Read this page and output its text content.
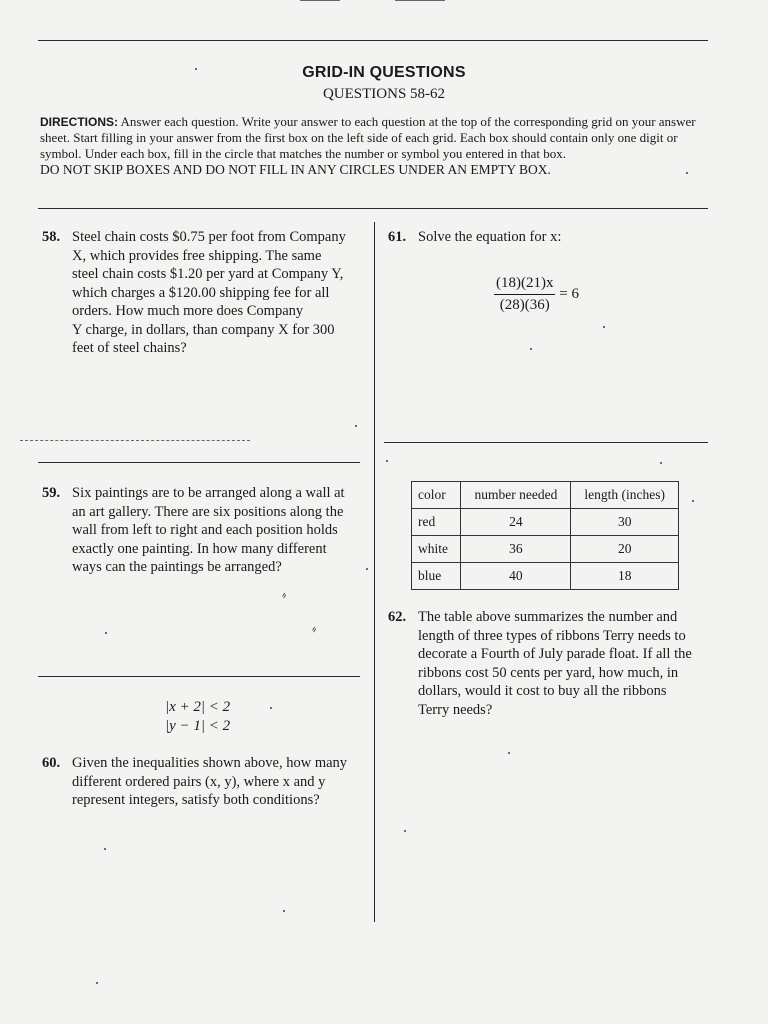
GRID-IN QUESTIONS
QUESTIONS 58-62
DIRECTIONS: Answer each question. Write your answer to each question at the top of the corresponding grid on your answer sheet. Start filling in your answer from the first box on the left side of each grid. Each box should contain only one digit or symbol. Under each box, fill in the circle that matches the number or symbol you entered in that box.
DO NOT SKIP BOXES AND DO NOT FILL IN ANY CIRCLES UNDER AN EMPTY BOX.
58. Steel chain costs $0.75 per foot from Company

X, which provides free shipping. The same

steel chain costs $1.20 per yard at Company Y,

which charges a $120.00 shipping fee for all

orders. How much more does Company

Y charge, in dollars, than company X for 300

feet of steel chains?

59. Six paintings are to be arranged along a wall at

an art gallery. There are six positions along the

wall from left to right and each position holds

exactly one painting. In how many different

ways can the paintings be arranged?

⸗
⸗
|x + 2| < 2
|y − 1| < 2
60. Given the inequalities shown above, how many

different ordered pairs (x, y), where x and y

represent integers, satisfy both conditions?

61. Solve the equation for x:

$\frac{(18)(21)x}{(28)(36)} = 6$
color	number needed	length (inches)
red	24	30
white	36	20
blue	40	18
62. The table above summarizes the number and

length of three types of ribbons Terry needs to

decorate a Fourth of July parade float. If all the

ribbons cost 50 cents per yard, how much, in

dollars, would it cost to buy all the ribbons

Terry needs?
